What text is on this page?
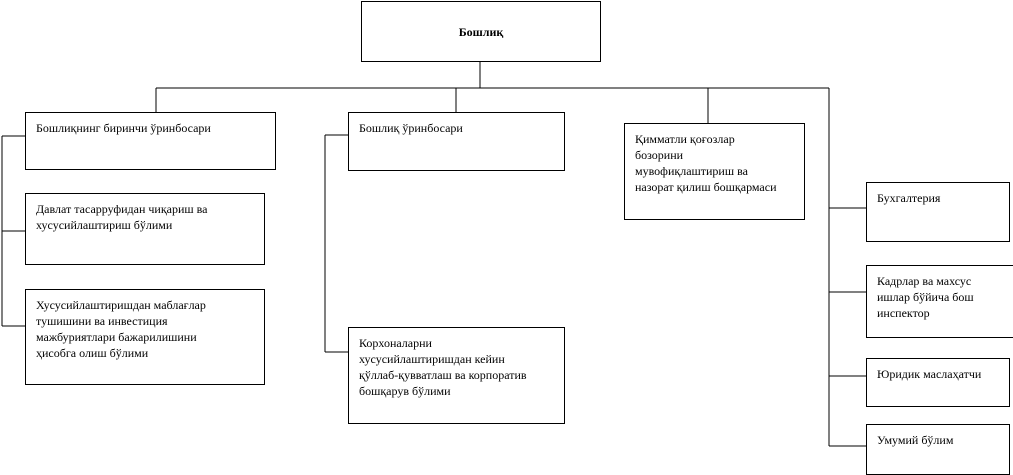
Бошлиқ
Бошлиқнинг биринчи ўринбосари
Давлат тасарруфидан чиқариш ва
хусусийлаштириш бўлими
Хусусийлаштиришдан маблағлар
тушишини ва инвестиция
мажбуриятлари бажарилишини
ҳисобга олиш бўлими
Бошлиқ ўринбосари
Корхоналарни
хусусийлаштиришдан кейин
қўллаб-қувватлаш ва корпоратив
бошқарув бўлими
Қимматли қоғозлар
бозорини
мувофиқлаштириш ва
назорат қилиш бошқармаси
Бухгалтерия
Кадрлар ва махсус
ишлар бўйича бош
инспектор
Юридик маслаҳатчи
Умумий бўлим
